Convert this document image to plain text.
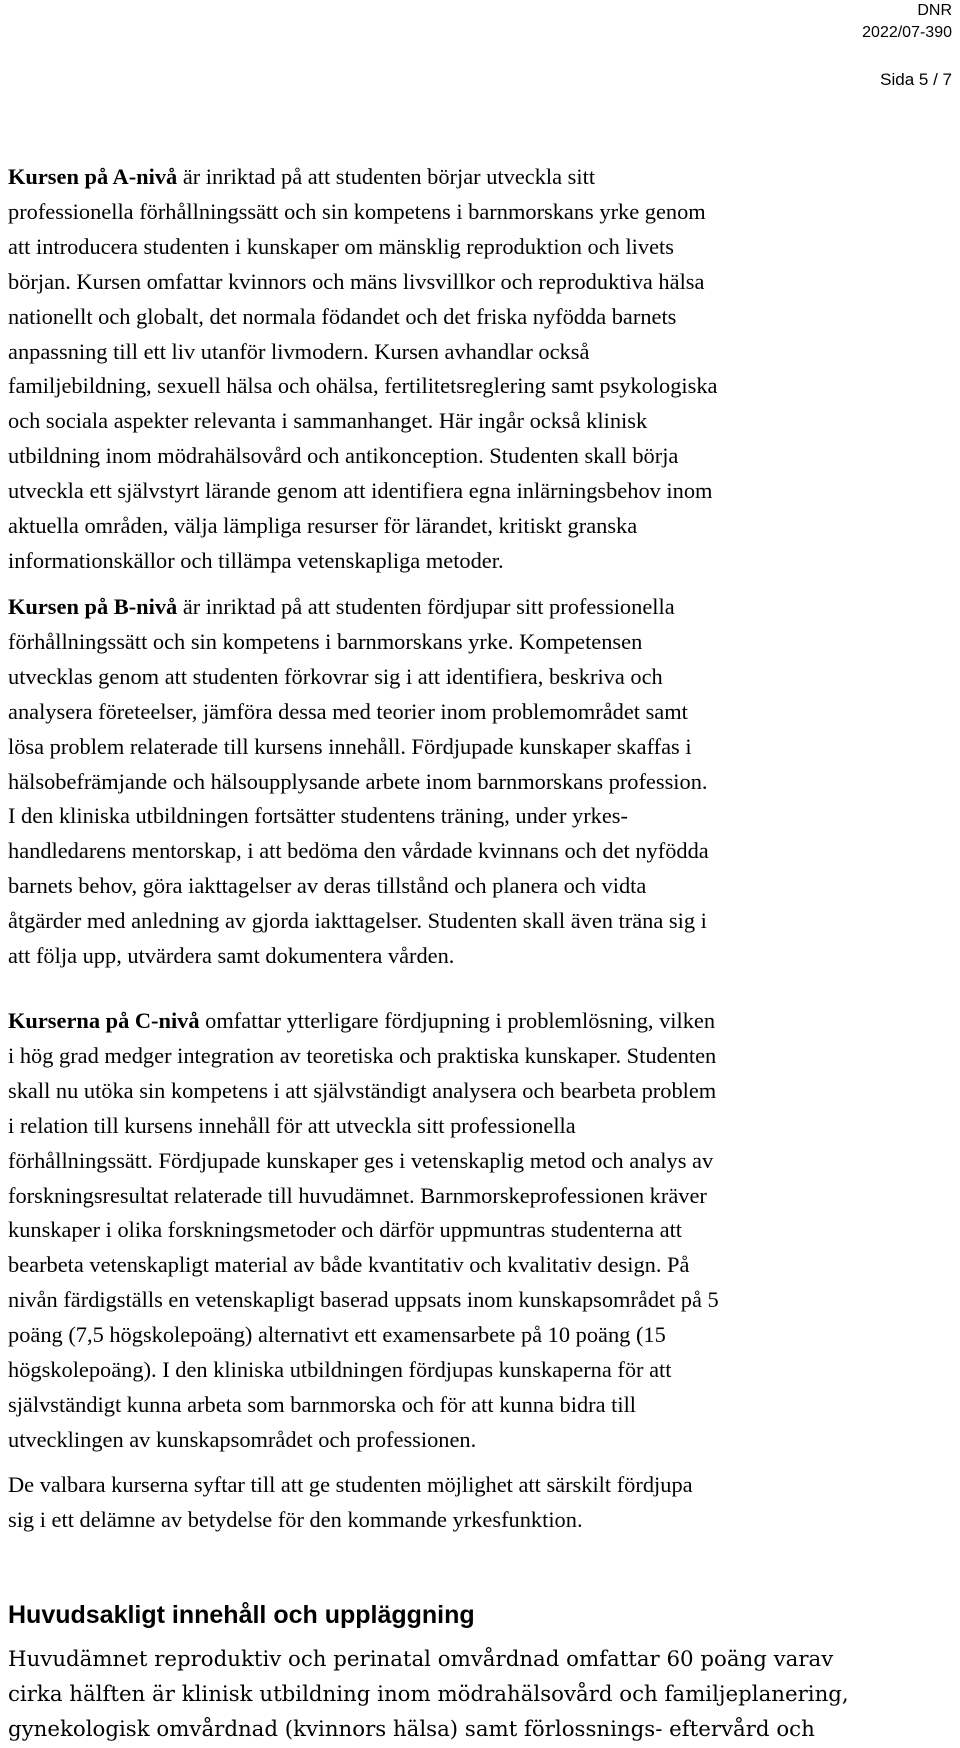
DNR
2022/07-390
Sida 5 / 7

Kursen på A-nivå är inriktad på att studenten börjar utveckla sitt
professionella förhållningssätt och sin kompetens i barnmorskans yrke genom
att introducera studenten i kunskaper om mänsklig reproduktion och livets
början. Kursen omfattar kvinnors och mäns livsvillkor och reproduktiva hälsa
nationellt och globalt, det normala födandet och det friska nyfödda barnets
anpassning till ett liv utanför livmodern. Kursen avhandlar också
familjebildning, sexuell hälsa och ohälsa, fertilitetsreglering samt psykologiska
och sociala aspekter relevanta i sammanhanget. Här ingår också klinisk
utbildning inom mödrahälsovård och antikonception. Studenten skall börja
utveckla ett självstyrt lärande genom att identifiera egna inlärningsbehov inom
aktuella områden, välja lämpliga resurser för lärandet, kritiskt granska
informationskällor och tillämpa vetenskapliga metoder.

Kursen på B-nivå är inriktad på att studenten fördjupar sitt professionella
förhållningssätt och sin kompetens i barnmorskans yrke. Kompetensen
utvecklas genom att studenten förkovrar sig i att identifiera, beskriva och
analysera företeelser, jämföra dessa med teorier inom problemområdet samt
lösa problem relaterade till kursens innehåll. Fördjupade kunskaper skaffas i
hälsobefrämjande och hälsoupplysande arbete inom barnmorskans profession.
I den kliniska utbildningen fortsätter studentens träning, under yrkes-
handledarens mentorskap, i att bedöma den vårdade kvinnans och det nyfödda
barnets behov, göra iakttagelser av deras tillstånd och planera och vidta
åtgärder med anledning av gjorda iakttagelser. Studenten skall även träna sig i
att följa upp, utvärdera samt dokumentera vården.

Kurserna på C-nivå omfattar ytterligare fördjupning i problemlösning, vilken
i hög grad medger integration av teoretiska och praktiska kunskaper. Studenten
skall nu utöka sin kompetens i att självständigt analysera och bearbeta problem
i relation till kursens innehåll för att utveckla sitt professionella
förhållningssätt. Fördjupade kunskaper ges i vetenskaplig metod och analys av
forskningsresultat relaterade till huvudämnet. Barnmorskeprofessionen kräver
kunskaper i olika forskningsmetoder och därför uppmuntras studenterna att
bearbeta vetenskapligt material av både kvantitativ och kvalitativ design. På
nivån färdigställs en vetenskapligt baserad uppsats inom kunskapsområdet på 5
poäng (7,5 högskolepoäng) alternativt ett examensarbete på 10 poäng (15
högskolepoäng). I den kliniska utbildningen fördjupas kunskaperna för att
självständigt kunna arbeta som barnmorska och för att kunna bidra till
utvecklingen av kunskapsområdet och professionen.

De valbara kurserna syftar till att ge studenten möjlighet att särskilt fördjupa
sig i ett delämne av betydelse för den kommande yrkesfunktion.

Huvudsakligt innehåll och uppläggning

Huvudämnet reproduktiv och perinatal omvårdnad omfattar 60 poäng varav
cirka hälften är klinisk utbildning inom mödrahälsovård och familjeplanering,
gynekologisk omvårdnad (kvinnors hälsa) samt förlossnings- eftervård och
